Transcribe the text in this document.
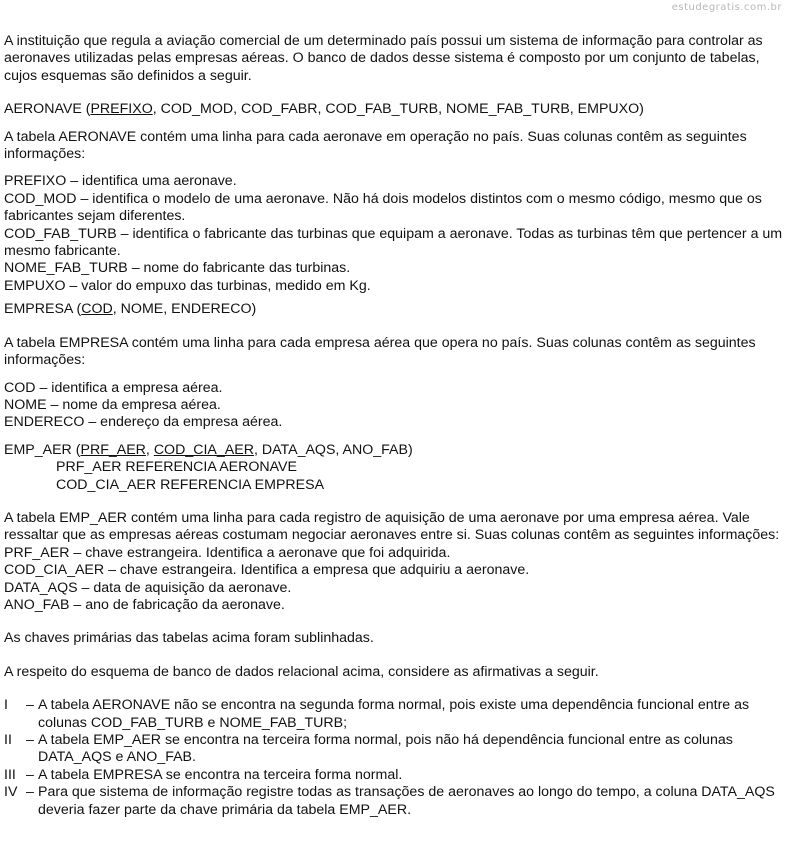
estudegratis.com.br

A instituição que regula a aviação comercial de um determinado país possui um sistema de informação para controlar as aeronaves utilizadas pelas empresas aéreas. O banco de dados desse sistema é composto por um conjunto de tabelas, cujos esquemas são definidos a seguir.

AERONAVE (PREFIXO, COD_MOD, COD_FABR, COD_FAB_TURB, NOME_FAB_TURB, EMPUXO)

A tabela AERONAVE contém uma linha para cada aeronave em operação no país. Suas colunas contêm as seguintes informações:

PREFIXO – identifica uma aeronave.

COD_MOD – identifica o modelo de uma aeronave. Não há dois modelos distintos com o mesmo código, mesmo que os fabricantes sejam diferentes.

COD_FAB_TURB – identifica o fabricante das turbinas que equipam a aeronave. Todas as turbinas têm que pertencer a um mesmo fabricante.

NOME_FAB_TURB – nome do fabricante das turbinas.

EMPUXO – valor do empuxo das turbinas, medido em Kg.

EMPRESA (COD, NOME, ENDERECO)

A tabela EMPRESA contém uma linha para cada empresa aérea que opera no país. Suas colunas contêm as seguintes informações:

COD – identifica a empresa aérea.

NOME – nome da empresa aérea.

ENDERECO – endereço da empresa aérea.

EMP_AER (PRF_AER, COD_CIA_AER, DATA_AQS, ANO_FAB)

PRF_AER REFERENCIA AERONAVE

COD_CIA_AER REFERENCIA EMPRESA

A tabela EMP_AER contém uma linha para cada registro de aquisição de uma aeronave por uma empresa aérea. Vale ressaltar que as empresas aéreas costumam negociar aeronaves entre si. Suas colunas contêm as seguintes informações:

PRF_AER – chave estrangeira. Identifica a aeronave que foi adquirida.

COD_CIA_AER – chave estrangeira. Identifica a empresa que adquiriu a aeronave.

DATA_AQS – data de aquisição da aeronave.

ANO_FAB – ano de fabricação da aeronave.

As chaves primárias das tabelas acima foram sublinhadas.

A respeito do esquema de banco de dados relacional acima, considere as afirmativas a seguir.

I	– A tabela AERONAVE não se encontra na segunda forma normal, pois existe uma dependência funcional entre as colunas COD_FAB_TURB e NOME_FAB_TURB;
II – A tabela EMP_AER se encontra na terceira forma normal, pois não há dependência funcional entre as colunas DATA_AQS e ANO_FAB.
III – A tabela EMPRESA se encontra na terceira forma normal.
IV – Para que sistema de informação registre todas as transações de aeronaves ao longo do tempo, a coluna DATA_AQS deveria fazer parte da chave primária da tabela EMP_AER.
